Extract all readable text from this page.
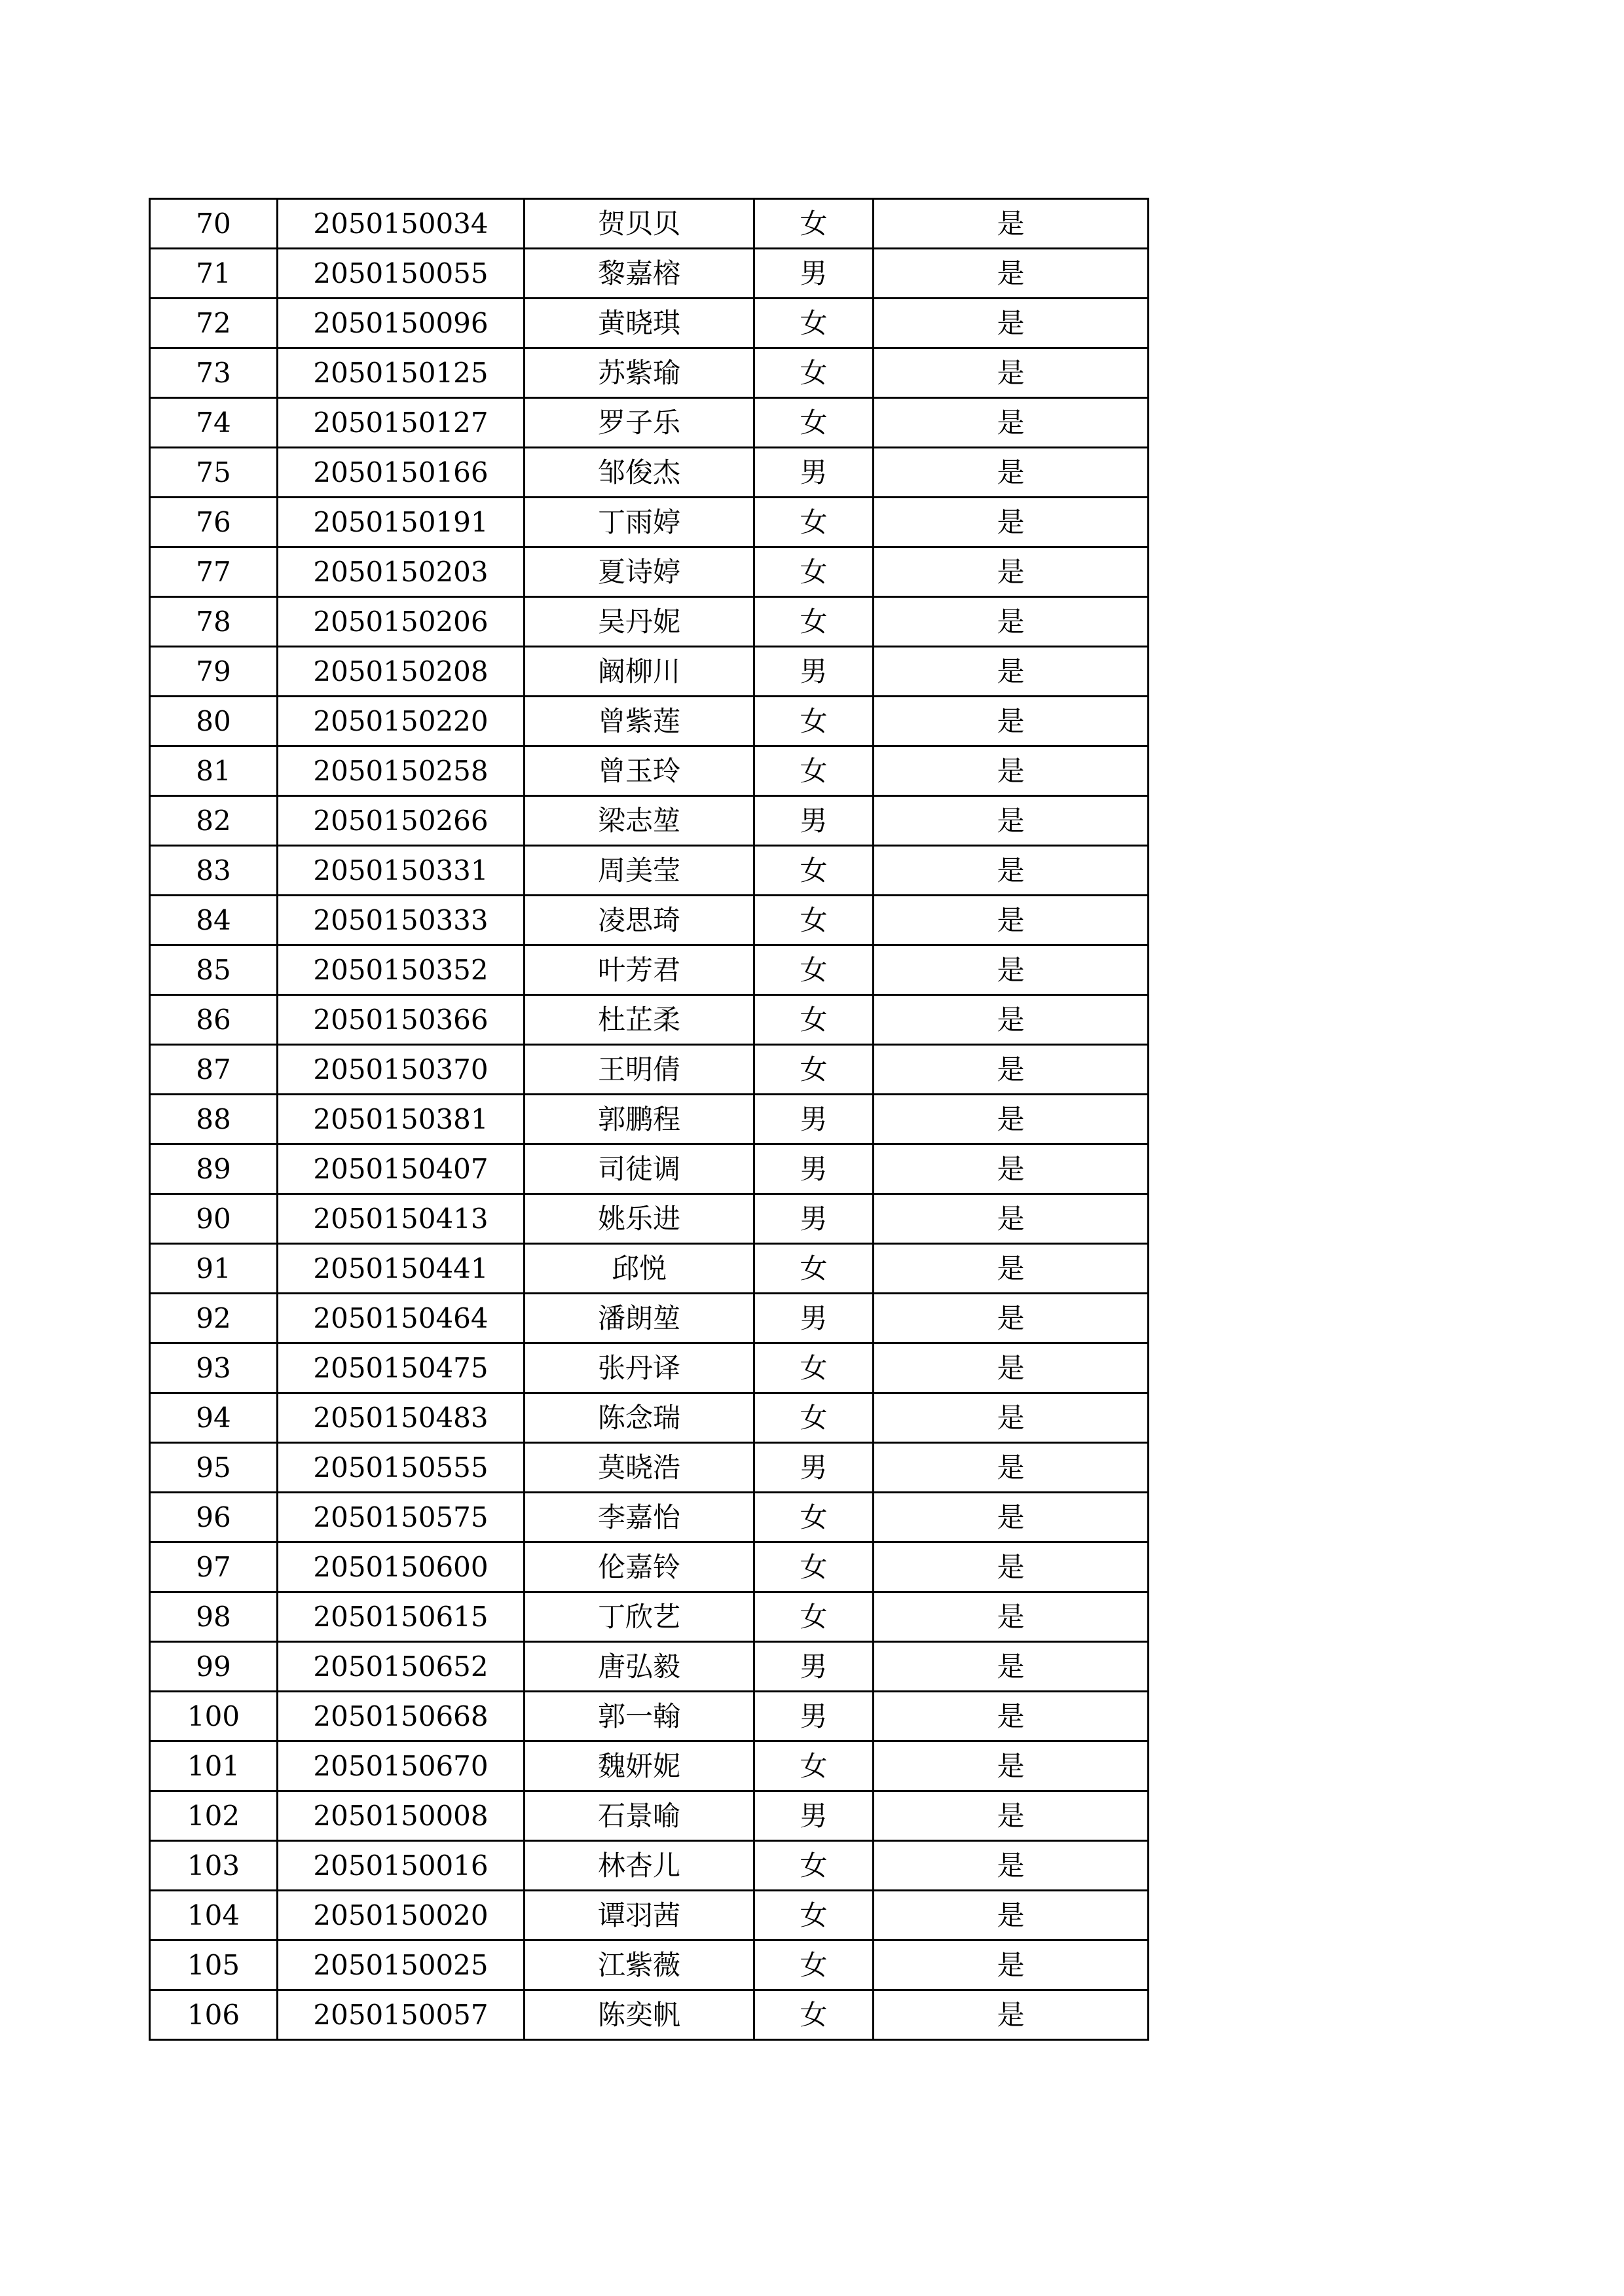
70	2050150034	贺贝贝	女	是
71	2050150055	黎嘉榕	男	是
72	2050150096	黄晓琪	女	是
73	2050150125	苏紫瑜	女	是
74	2050150127	罗子乐	女	是
75	2050150166	邹俊杰	男	是
76	2050150191	丁雨婷	女	是
77	2050150203	夏诗婷	女	是
78	2050150206	吴丹妮	女	是
79	2050150208	阚柳川	男	是
80	2050150220	曾紫莲	女	是
81	2050150258	曾玉玲	女	是
82	2050150266	梁志堃	男	是
83	2050150331	周美莹	女	是
84	2050150333	凌思琦	女	是
85	2050150352	叶芳君	女	是
86	2050150366	杜芷柔	女	是
87	2050150370	王明倩	女	是
88	2050150381	郭鹏程	男	是
89	2050150407	司徒调	男	是
90	2050150413	姚乐进	男	是
91	2050150441	邱悦	女	是
92	2050150464	潘朗堃	男	是
93	2050150475	张丹译	女	是
94	2050150483	陈念瑞	女	是
95	2050150555	莫晓浩	男	是
96	2050150575	李嘉怡	女	是
97	2050150600	伦嘉铃	女	是
98	2050150615	丁欣艺	女	是
99	2050150652	唐弘毅	男	是
100	2050150668	郭一翰	男	是
101	2050150670	魏妍妮	女	是
102	2050150008	石景喻	男	是
103	2050150016	林杏儿	女	是
104	2050150020	谭羽茜	女	是
105	2050150025	江紫薇	女	是
106	2050150057	陈奕帆	女	是
